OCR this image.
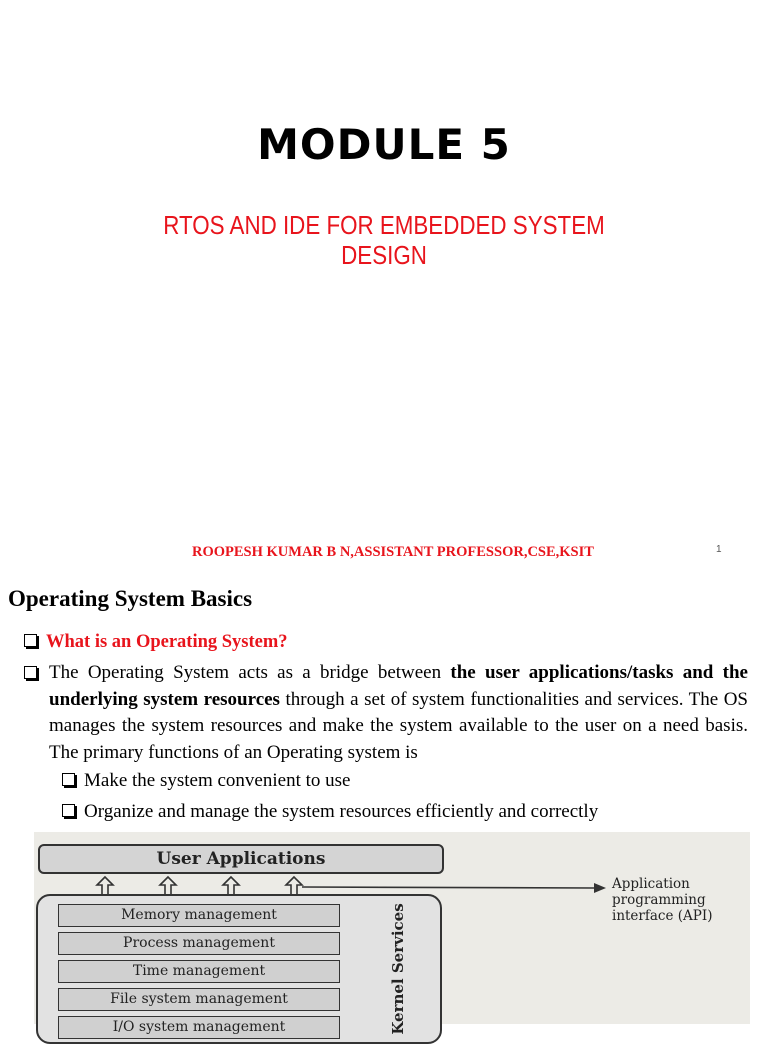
MODULE 5
RTOS AND IDE FOR EMBEDDED SYSTEM
DESIGN
ROOPESH KUMAR B N,ASSISTANT PROFESSOR,CSE,KSIT	1
Operating System Basics
What is an Operating System?
The Operating System acts as a bridge between the user applications/tasks and the underlying system resources through a set of system functionalities and services. The OS manages the system resources and make the system available to the user on a need basis. The primary functions of an Operating system is
Make the system convenient to use
Organize and manage the system resources efficiently and correctly
User Applications
Memory management
Process management
Time management
File system management
I/O system management	Kernel Services
Application
programming
interface (API)
